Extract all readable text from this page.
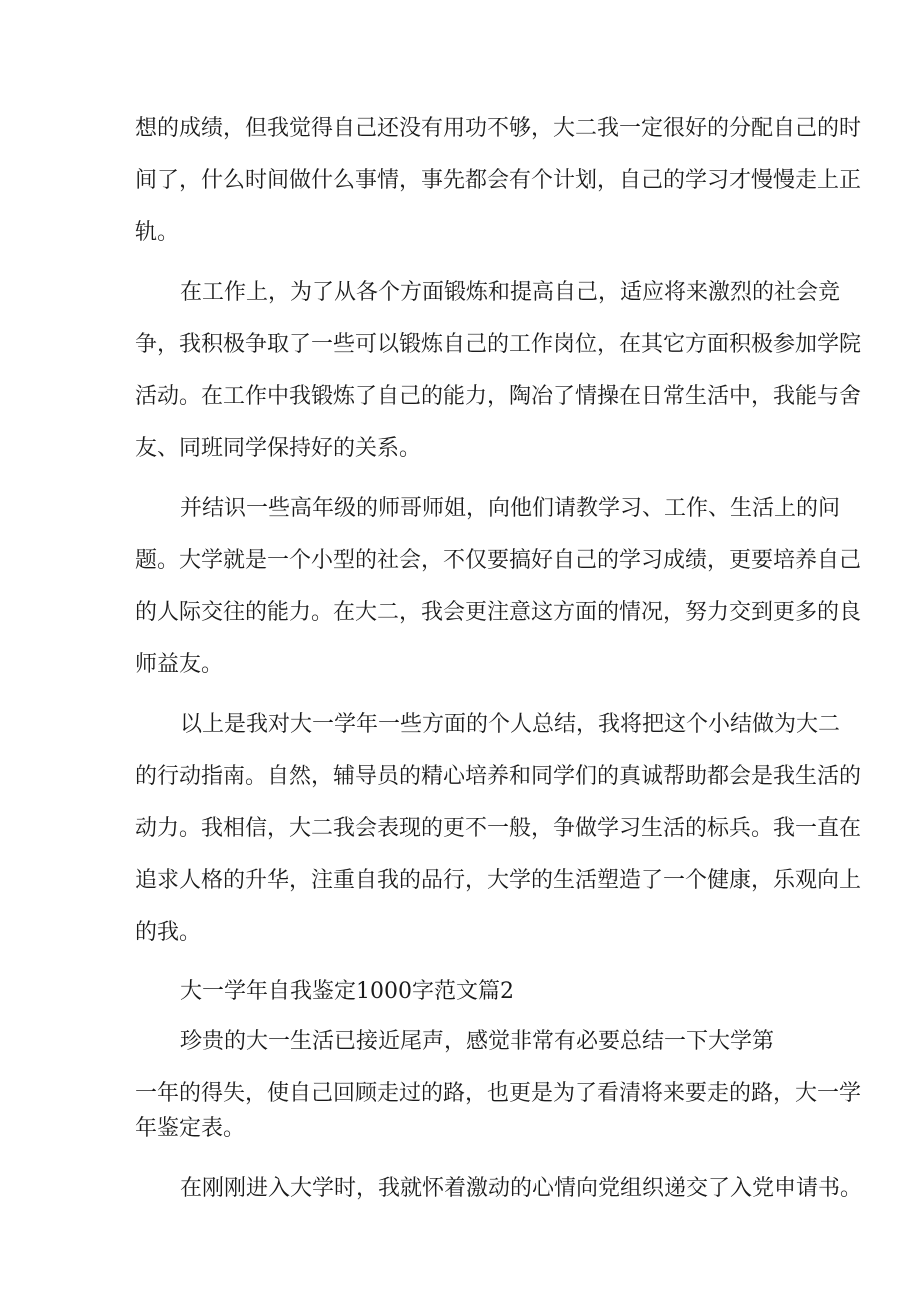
想的成绩，但我觉得自己还没有用功不够，大二我一定很好的分配自己的时
间了，什么时间做什么事情，事先都会有个计划，自己的学习才慢慢走上正
轨。
在工作上，为了从各个方面锻炼和提高自己，适应将来激烈的社会竞
争，我积极争取了一些可以锻炼自己的工作岗位，在其它方面积极参加学院
活动。在工作中我锻炼了自己的能力，陶冶了情操在日常生活中，我能与舍
友、同班同学保持好的关系。
并结识一些高年级的师哥师姐，向他们请教学习、工作、生活上的问
题。大学就是一个小型的社会，不仅要搞好自己的学习成绩，更要培养自己
的人际交往的能力。在大二，我会更注意这方面的情况，努力交到更多的良
师益友。
以上是我对大一学年一些方面的个人总结，我将把这个小结做为大二
的行动指南。自然，辅导员的精心培养和同学们的真诚帮助都会是我生活的
动力。我相信，大二我会表现的更不一般，争做学习生活的标兵。我一直在
追求人格的升华，注重自我的品行，大学的生活塑造了一个健康，乐观向上
的我。
大一学年自我鉴定1000字范文篇2
珍贵的大一生活已接近尾声，感觉非常有必要总结一下大学第
一年的得失，使自己回顾走过的路，也更是为了看清将来要走的路，大一学
年鉴定表。
在刚刚进入大学时，我就怀着激动的心情向党组织递交了入党申请书。
